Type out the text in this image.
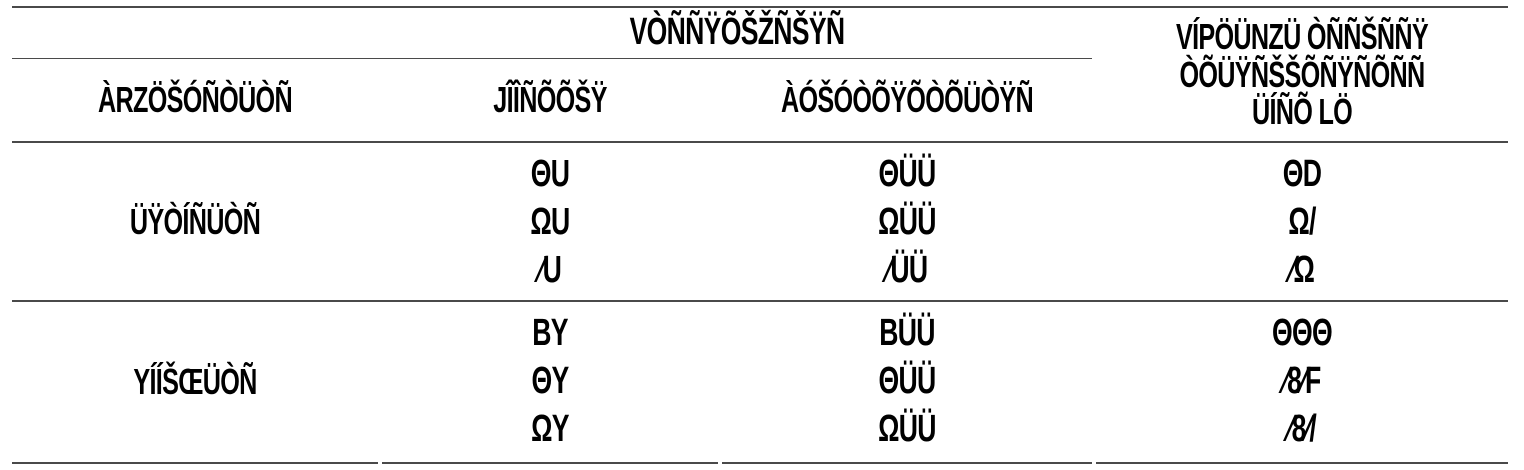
VÒÑÑŸÕŠŽÑŠŸÑ	VÍPÖÜNZÜ ÒÑÑŠÑÑŸ
ÒÕÜŸÑŠŠÕÑŸÑÕÑÑ
ÜÍÑÕ LÖ
ÀRZÖŠÓÑÒÜÒÑ	JÎÎÑÕÕŠŸ	ÀÓŠÓÒÕŸÕÒÕÜÒŸÑ
ÜŸÒÍÑÜÒÑ
ΘU	ΘÜÜ	ΘD
ΩU	ΩÜÜ	Ω/
⁄U	⁄ÜÜ	⁄Ω
YÍÍŠŒÜÒÑ
BY	BÜÜ	ΘΘΘ
ΘY	ΘÜÜ	⁄8⁄F
ΩY	ΩÜÜ	⁄8⁄/
